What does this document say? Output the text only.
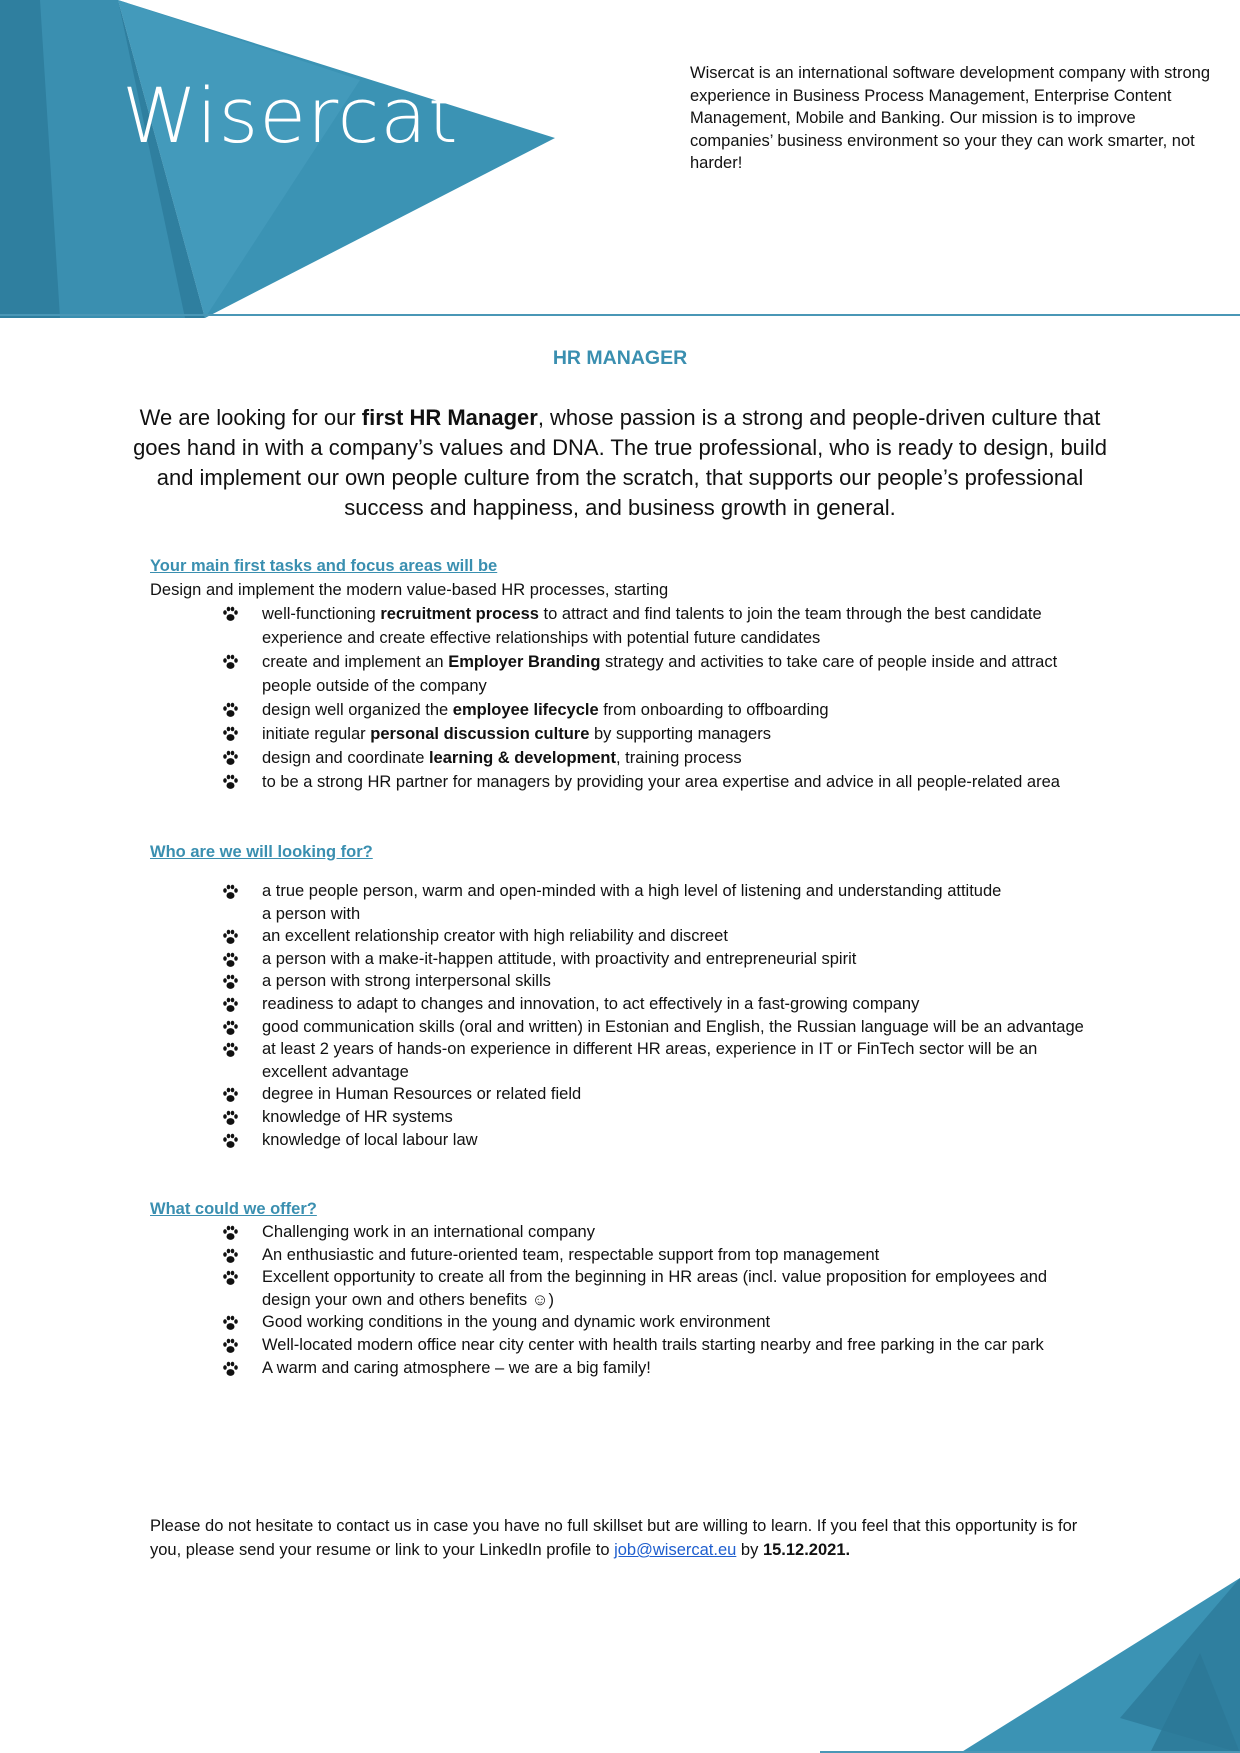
Wisercat	Wisercat is an international software development company with strong experience in Business Process Management, Enterprise Content Management, Mobile and Banking. Our mission is to improve companies’ business environment so your they can work smarter, not harder!
HR MANAGER
We are looking for our first HR Manager, whose passion is a strong and people-driven culture that goes hand in with a company’s values and DNA. The true professional, who is ready to design, build and implement our own people culture from the scratch, that supports our people’s professional success and happiness, and business growth in general.
Your main first tasks and focus areas will be
Design and implement the modern value-based HR processes, starting
well-functioning recruitment process to attract and find talents to join the team through the best candidate experience and create effective relationships with potential future candidates
create and implement an Employer Branding strategy and activities to take care of people inside and attract people outside of the company
design well organized the employee lifecycle from onboarding to offboarding
initiate regular personal discussion culture by supporting managers
design and coordinate learning & development, training process
to be a strong HR partner for managers by providing your area expertise and advice in all people-related area
Who are we will looking for?
a true people person, warm and open-minded with a high level of listening and understanding attitude
a person with
an excellent relationship creator with high reliability and discreet
a person with a make-it-happen attitude, with proactivity and entrepreneurial spirit
a person with strong interpersonal skills
readiness to adapt to changes and innovation, to act effectively in a fast-growing company
good communication skills (oral and written) in Estonian and English, the Russian language will be an advantage
at least 2 years of hands-on experience in different HR areas, experience in IT or FinTech sector will be an excellent advantage
degree in Human Resources or related field
knowledge of HR systems
knowledge of local labour law
What could we offer?
Challenging work in an international company
An enthusiastic and future-oriented team, respectable support from top management
Excellent opportunity to create all from the beginning in HR areas (incl. value proposition for employees and design your own and others benefits ☺)
Good working conditions in the young and dynamic work environment
Well-located modern office near city center with health trails starting nearby and free parking in the car park
A warm and caring atmosphere – we are a big family!
Please do not hesitate to contact us in case you have no full skillset but are willing to learn. If you feel that this opportunity is for you, please send your resume or link to your LinkedIn profile to job@wisercat.eu by 15.12.2021.
